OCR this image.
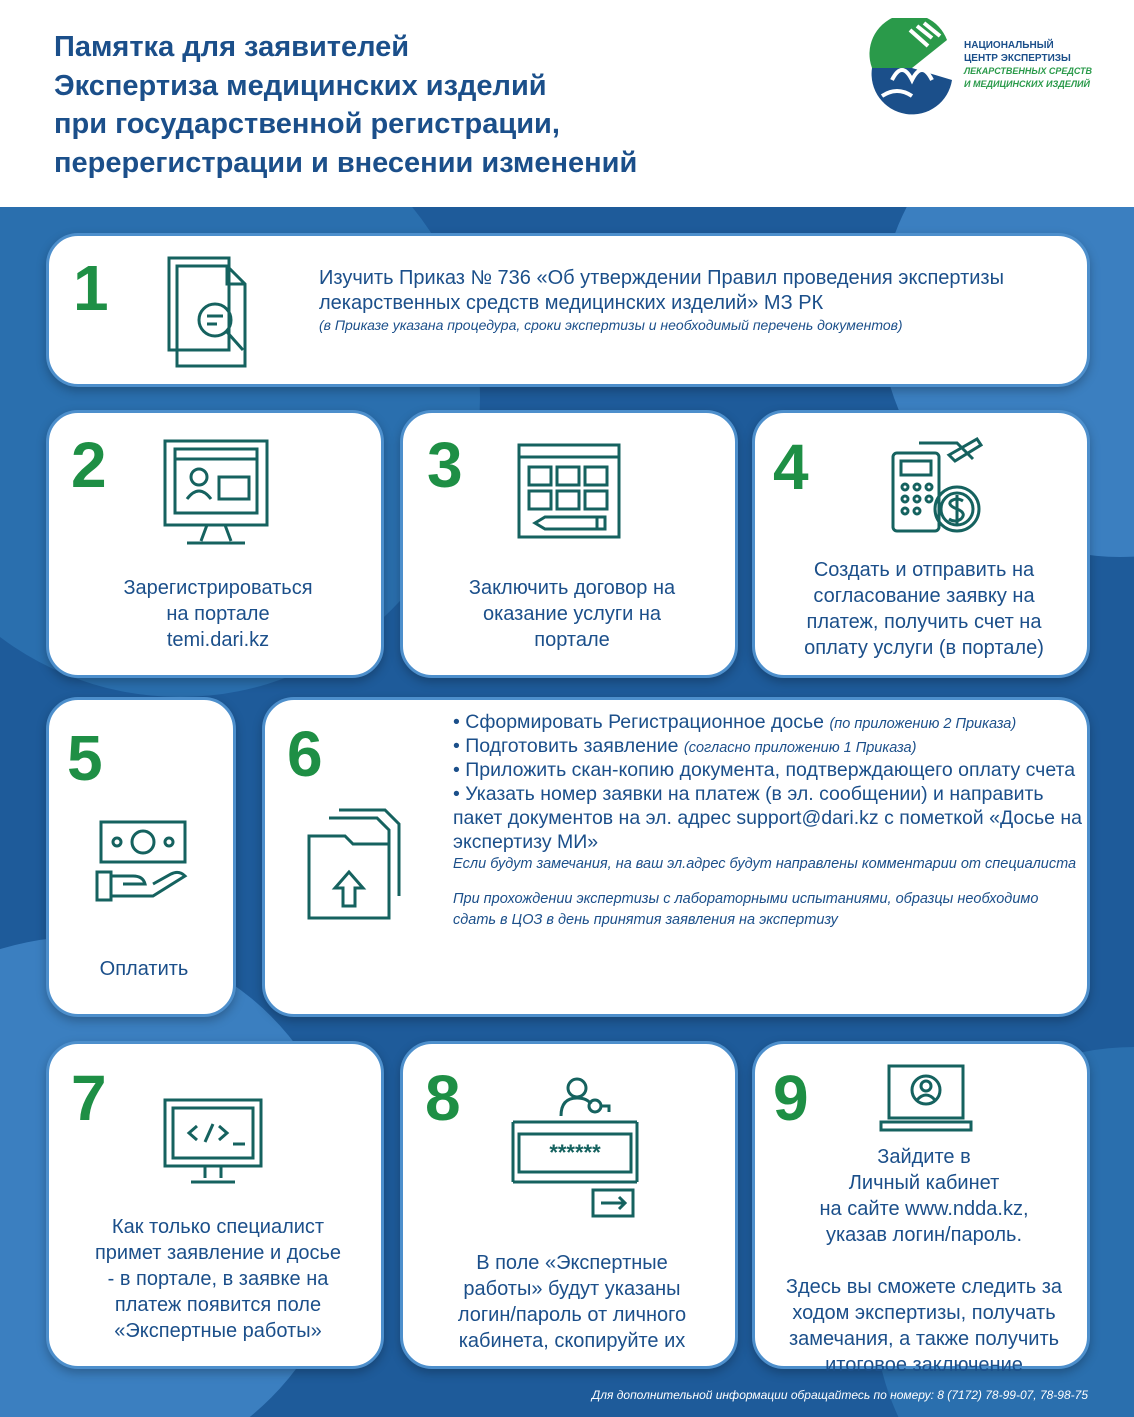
Памятка для заявителей
Экспертиза медицинских изделий
при государственной регистрации,
перерегистрации и внесении изменений
НАЦИОНАЛЬНЫЙ
ЦЕНТР ЭКСПЕРТИЗЫ
ЛЕКАРСТВЕННЫХ СРЕДСТВ
И МЕДИЦИНСКИХ ИЗДЕЛИЙ
1	Изучить Приказ № 736 «Об утверждении Правил проведения экспертизы лекарственных средств медицинских изделий» МЗ РК
(в Приказе указана процедура, сроки экспертизы и необходимый перечень документов)
2
Зарегистрироваться
на портале
temi.dari.kz
3
Заключить договор на
оказание услуги на
портале
4
Создать и отправить на
согласование заявку на
платеж, получить счет на
оплату услуги (в портале)
5
Оплатить
6	• Сформировать Регистрационное досье (по приложению 2 Приказа)

• Подготовить заявление (согласно приложению 1 Приказа)

• Приложить скан-копию документа, подтверждающего оплату счета

• Указать номер заявки на платеж (в эл. сообщении) и направить пакет документов на эл. адрес support@dari.kz с пометкой «Досье на экспертизу МИ»

Если будут замечания, на ваш эл.адрес будут направлены комментарии от специалиста

При прохождении экспертизы с лабораторными испытаниями, образцы необходимо сдать в ЦОЗ в день принятия заявления на экспертизу

7
Как только специалист
примет заявление и досье
- в портале, в заявке на
платеж появится поле
«Экспертные работы»
8
******
В поле «Экспертные
работы» будут указаны
логин/пароль от личного
кабинета, скопируйте их
9
Зайдите в
Личный кабинет
на сайте www.ndda.kz,
указав логин/пароль.
Здесь вы сможете следить за
ходом экспертизы, получать
замечания, а также получить
итоговое заключение
Для дополнительной информации обращайтесь по номеру: 8 (7172) 78-99-07, 78-98-75
